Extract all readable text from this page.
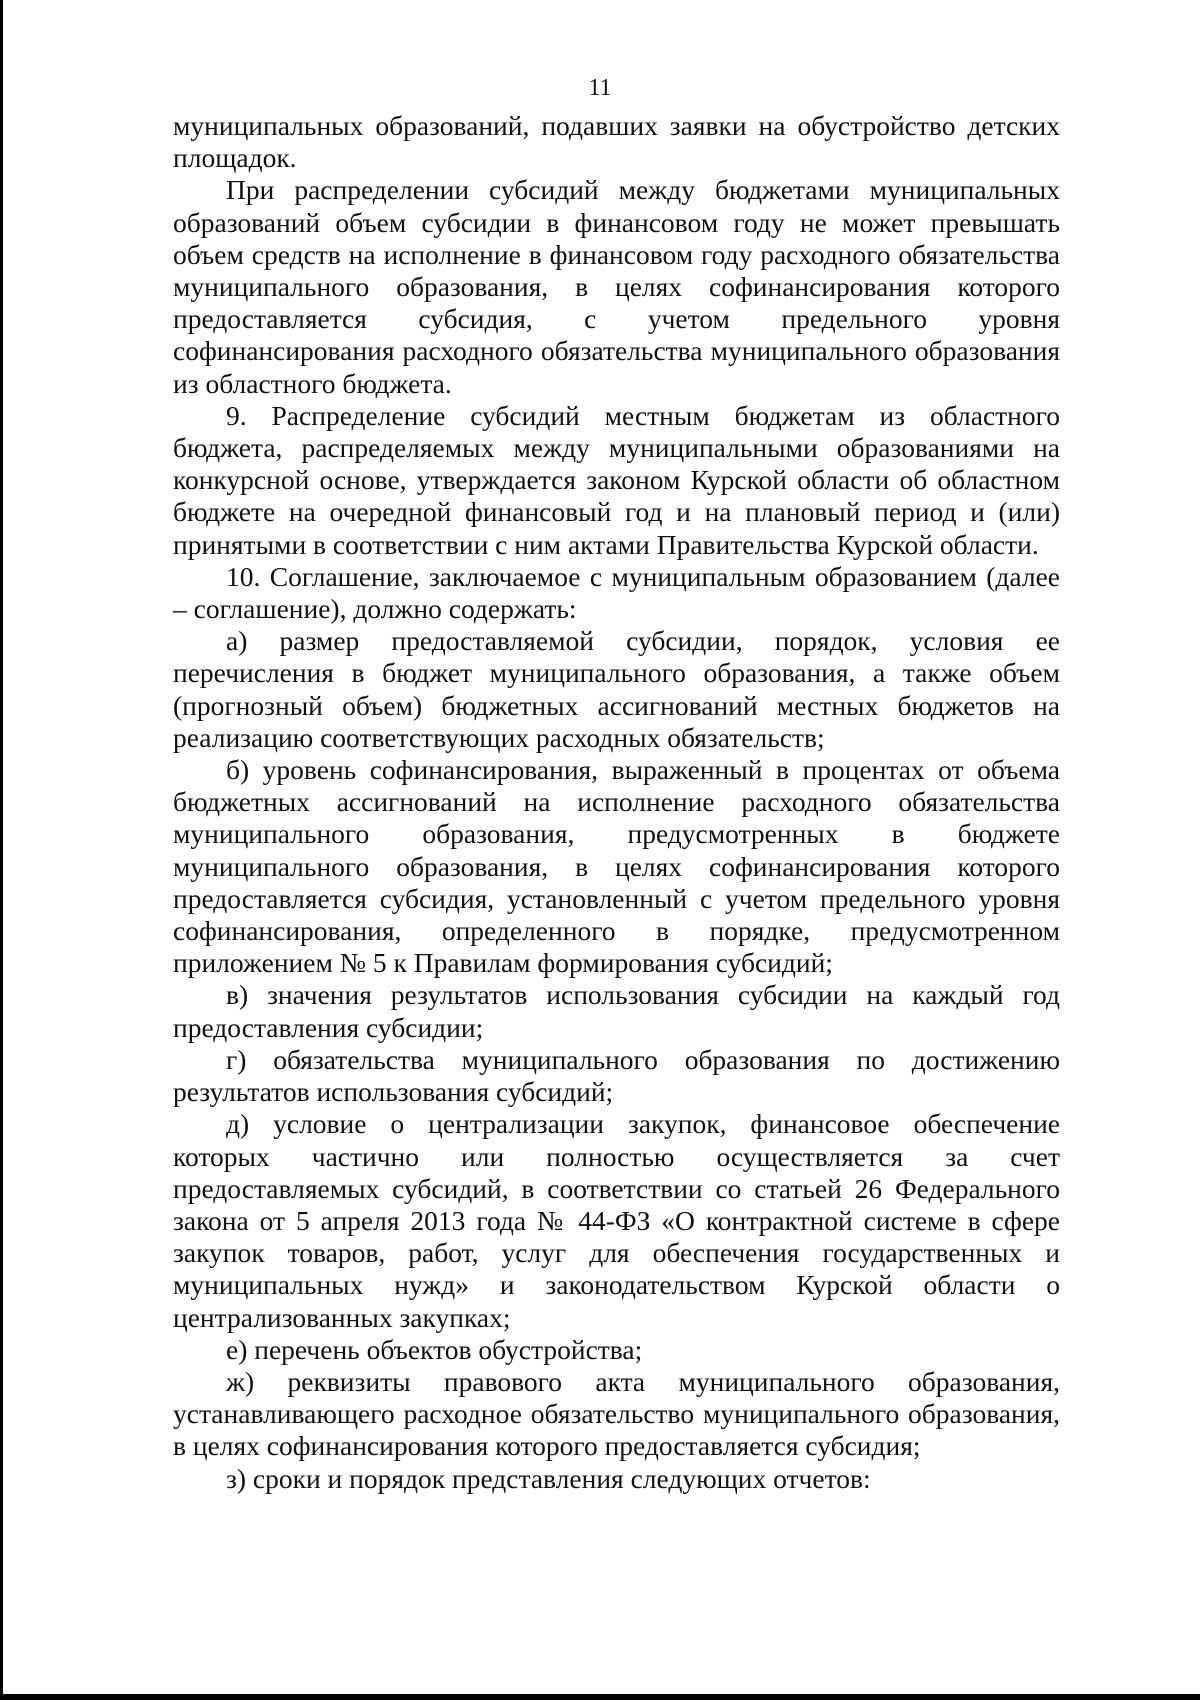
11

муниципальных образований, подавших заявки на обустройство детских площадок.

При распределении субсидий между бюджетами муниципальных образований объем субсидии в финансовом году не может превышать объем средств на исполнение в финансовом году расходного обязательства муниципального образования, в целях софинансирования которого предоставляется субсидия, с учетом предельного уровня софинансирования расходного обязательства муниципального образования из областного бюджета.

9. Распределение субсидий местным бюджетам из областного бюджета, распределяемых между муниципальными образованиями на конкурсной основе, утверждается законом Курской области об областном бюджете на очередной финансовый год и на плановый период и (или) принятыми в соответствии с ним актами Правительства Курской области.

10. Соглашение, заключаемое с муниципальным образованием (далее – соглашение), должно содержать:

а) размер предоставляемой субсидии, порядок, условия ее перечисления в бюджет муниципального образования, а также объем (прогнозный объем) бюджетных ассигнований местных бюджетов на реализацию соответствующих расходных обязательств;

б) уровень софинансирования, выраженный в процентах от объема бюджетных ассигнований на исполнение расходного обязательства муниципального образования, предусмотренных в бюджете муниципального образования, в целях софинансирования которого предоставляется субсидия, установленный с учетом предельного уровня софинансирования, определенного в порядке, предусмотренном приложением № 5 к Правилам формирования субсидий;

в) значения результатов использования субсидии на каждый год предоставления субсидии;

г) обязательства муниципального образования по достижению результатов использования субсидий;

д) условие о централизации закупок, финансовое обеспечение которых частично или полностью осуществляется за счет предоставляемых субсидий, в соответствии со статьей 26 Федерального закона от 5 апреля 2013 года № 44-ФЗ «О контрактной системе в сфере закупок товаров, работ, услуг для обеспечения государственных и муниципальных нужд» и законодательством Курской области о централизованных закупках;

е) перечень объектов обустройства;

ж) реквизиты правового акта муниципального образования, устанавливающего расходное обязательство муниципального образования, в целях софинансирования которого предоставляется субсидия;

з) сроки и порядок представления следующих отчетов:
